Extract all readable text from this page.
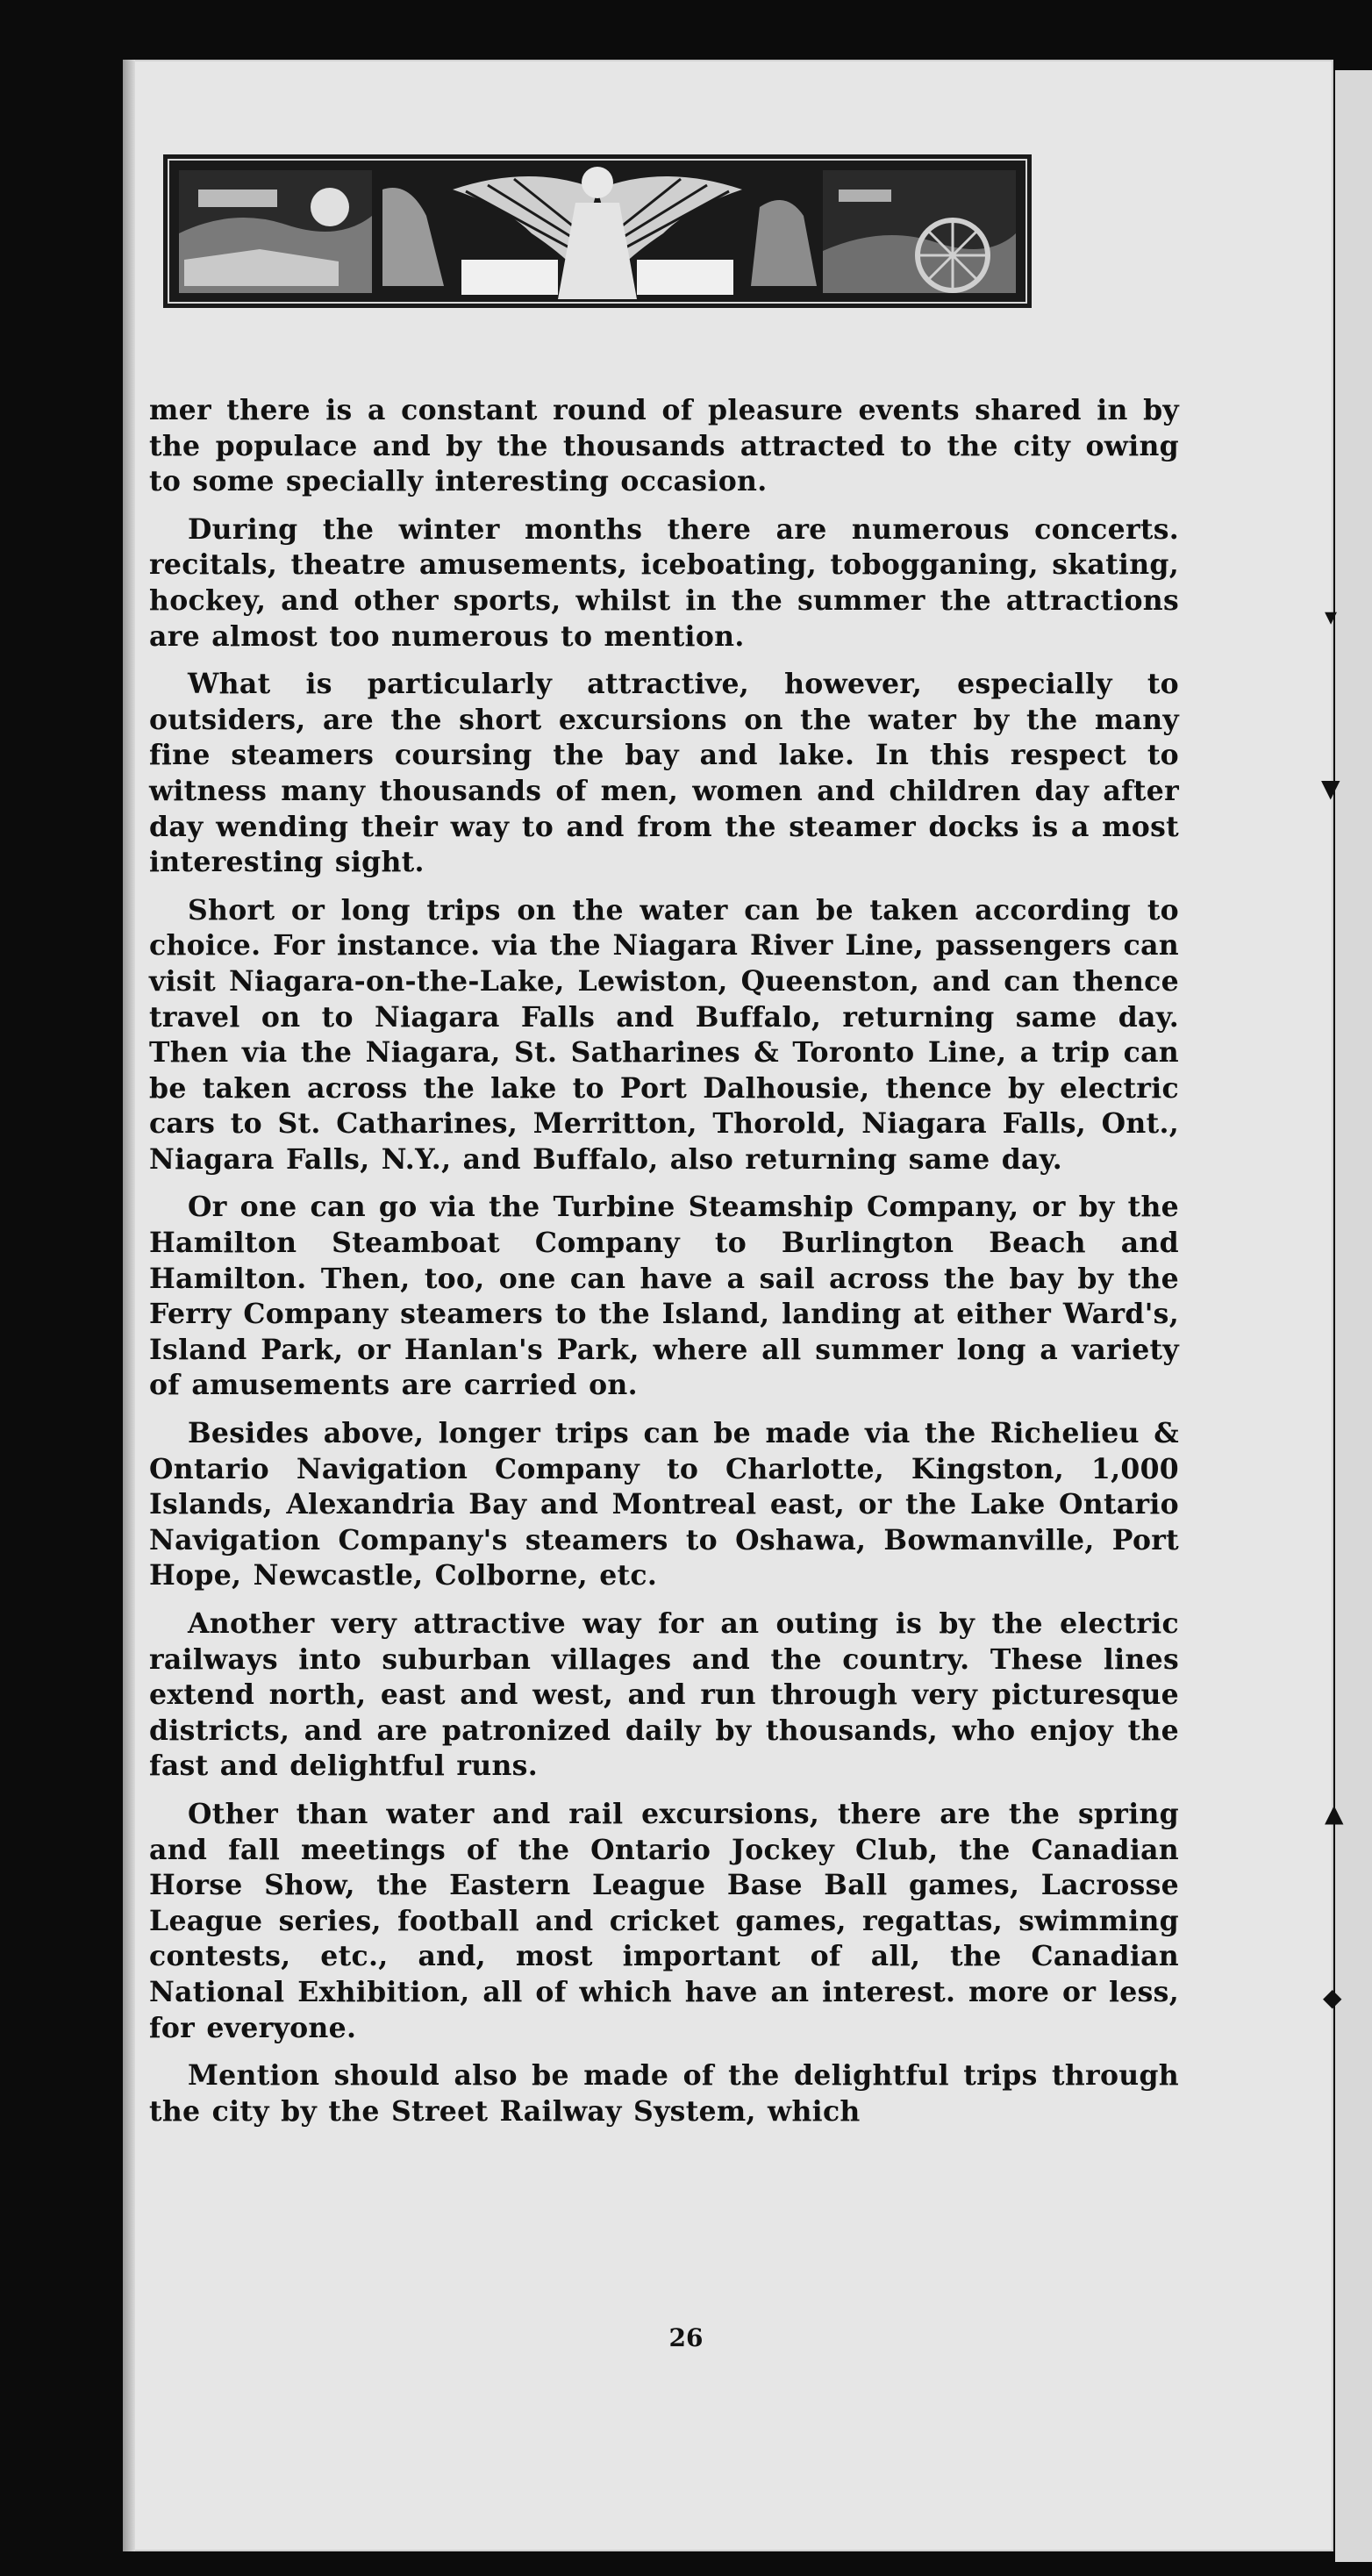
mer there is a constant round of pleasure events shared in by the populace and by the thousands attracted to the city owing to some specially interesting occasion.

During the winter months there are numerous concerts. recitals, theatre amusements, iceboating, tobogganing, skating, hockey, and other sports, whilst in the summer the attractions are almost too numerous to mention.

What is particularly attractive, however, especially to outsiders, are the short excursions on the water by the many fine steamers coursing the bay and lake. In this respect to witness many thousands of men, women and children day after day wending their way to and from the steamer docks is a most interesting sight.

Short or long trips on the water can be taken according to choice. For instance. via the Niagara River Line, passengers can visit Niagara-on-the-Lake, Lewiston, Queenston, and can thence travel on to Niagara Falls and Buffalo, returning same day. Then via the Niagara, St. Satharines & Toronto Line, a trip can be taken across the lake to Port Dalhousie, thence by electric cars to St. Catharines, Merritton, Thorold, Niagara Falls, Ont., Niagara Falls, N.Y., and Buffalo, also returning same day.

Or one can go via the Turbine Steamship Company, or by the Hamilton Steamboat Company to Burlington Beach and Hamilton. Then, too, one can have a sail across the bay by the Ferry Company steamers to the Island, landing at either Ward's, Island Park, or Hanlan's Park, where all summer long a variety of amusements are carried on.

Besides above, longer trips can be made via the Richelieu & Ontario Navigation Company to Charlotte, Kingston, 1,000 Islands, Alexandria Bay and Montreal east, or the Lake Ontario Navigation Company's steamers to Oshawa, Bowmanville, Port Hope, Newcastle, Colborne, etc.

Another very attractive way for an outing is by the electric railways into suburban villages and the country. These lines extend north, east and west, and run through very picturesque districts, and are patronized daily by thousands, who enjoy the fast and delightful runs.

Other than water and rail excursions, there are the spring and fall meetings of the Ontario Jockey Club, the Canadian Horse Show, the Eastern League Base Ball games, Lacrosse League series, football and cricket games, regattas, swimming contests, etc., and, most important of all, the Canadian National Exhibition, all of which have an interest. more or less, for everyone.

Mention should also be made of the delightful trips through the city by the Street Railway System, which

26
▾
▼
▲
◆
